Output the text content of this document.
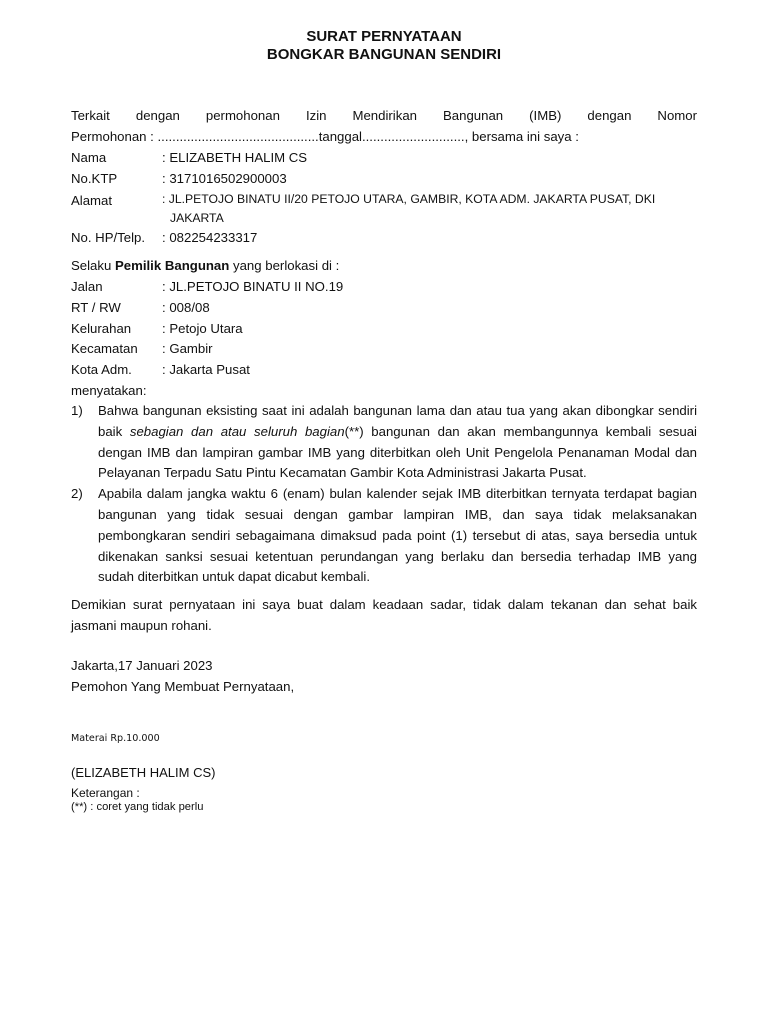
SURAT PERNYATAAN
BONGKAR BANGUNAN SENDIRI
Terkait dengan permohonan Izin Mendirikan Bangunan (IMB) dengan Nomor
Permohonan : ............................................tanggal............................, bersama ini saya :
Nama	: ELIZABETH HALIM CS
No.KTP	: 3171016502900003
Alamat	: JL.PETOJO BINATU II/20 PETOJO UTARA, GAMBIR, KOTA ADM. JAKARTA PUSAT, DKI
JAKARTA
No. HP/Telp.	: 082254233317
Selaku Pemilik Bangunan yang berlokasi di :
Jalan	: JL.PETOJO BINATU II NO.19
RT / RW	: 008/08
Kelurahan	: Petojo Utara
Kecamatan	: Gambir
Kota Adm.	: Jakarta Pusat
menyatakan:
1)	Bahwa bangunan eksisting saat ini adalah bangunan lama dan atau tua yang akan dibongkar sendiri baik sebagian dan atau seluruh bagian(**) bangunan dan akan membangunnya kembali sesuai dengan IMB dan lampiran gambar IMB yang diterbitkan oleh Unit Pengelola Penanaman Modal dan Pelayanan Terpadu Satu Pintu Kecamatan Gambir Kota Administrasi Jakarta Pusat.
2)	Apabila dalam jangka waktu 6 (enam) bulan kalender sejak IMB diterbitkan ternyata terdapat bagian bangunan yang tidak sesuai dengan gambar lampiran IMB, dan saya tidak melaksanakan pembongkaran sendiri sebagaimana dimaksud pada point (1) tersebut di atas, saya bersedia untuk dikenakan sanksi sesuai ketentuan perundangan yang berlaku dan bersedia terhadap IMB yang sudah diterbitkan untuk dapat dicabut kembali.
Demikian surat pernyataan ini saya buat dalam keadaan sadar, tidak dalam tekanan dan sehat baik jasmani maupun rohani.
Jakarta,17 Januari 2023
Pemohon Yang Membuat Pernyataan,
Materai Rp.10.000
(ELIZABETH HALIM CS)
Keterangan :
(**) : coret yang tidak perlu
